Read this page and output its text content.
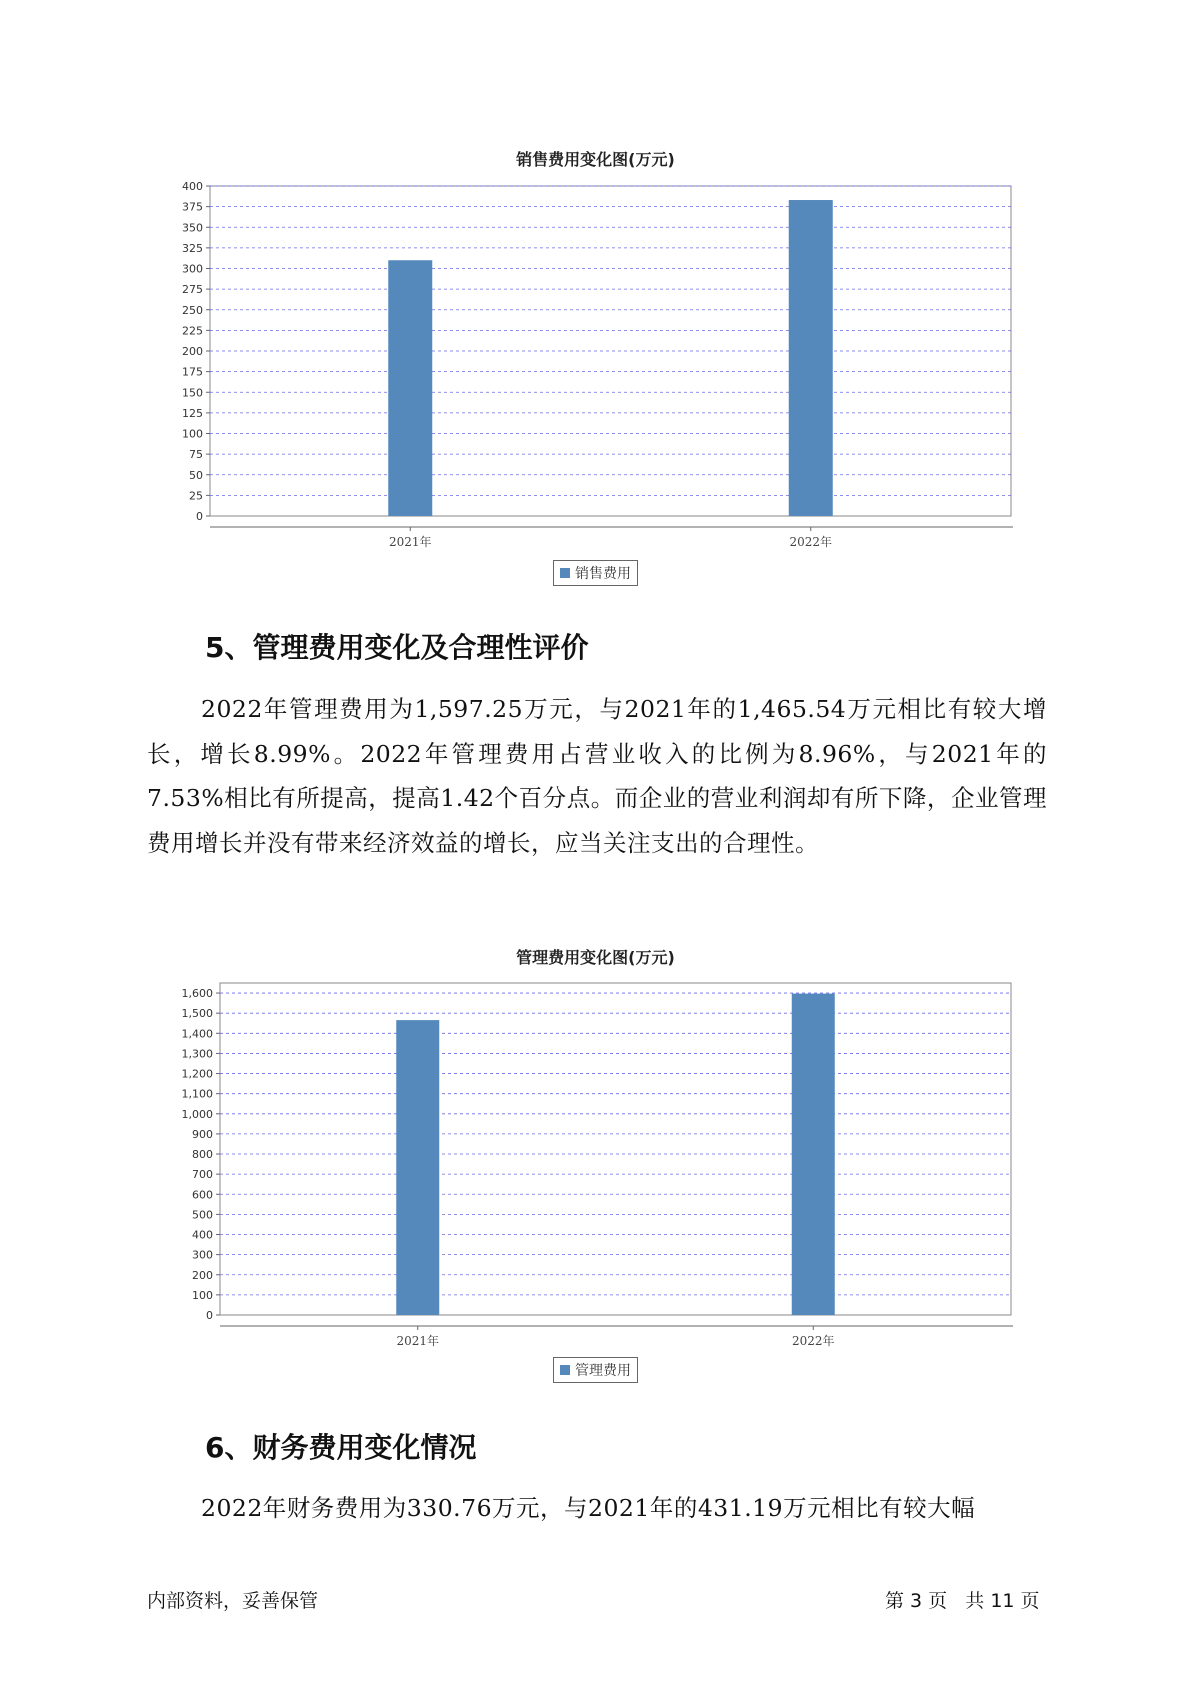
销售费用变化图(万元)
0
25
50
75
100
125
150
175
200
225
250
275
300
325
350
375
400
2021年	2022年
销售费用
5、管理费用变化及合理性评价
2022年管理费用为1,597.25万元，与2021年的1,465.54万元相比有较大增长，增长8.99%。2022年管理费用占营业收入的比例为8.96%，与2021年的7.53%相比有所提高，提高1.42个百分点。而企业的营业利润却有所下降，企业管理费用增长并没有带来经济效益的增长，应当关注支出的合理性。
管理费用变化图(万元)
0
100
200
300
400
500
600
700
800
900
1,000
1,100
1,200
1,300
1,400
1,500
1,600
2021年	2022年
管理费用
6、财务费用变化情况
2022年财务费用为330.76万元，与2021年的431.19万元相比有较大幅
内部资料，妥善保管	第 3 页   共 11 页
